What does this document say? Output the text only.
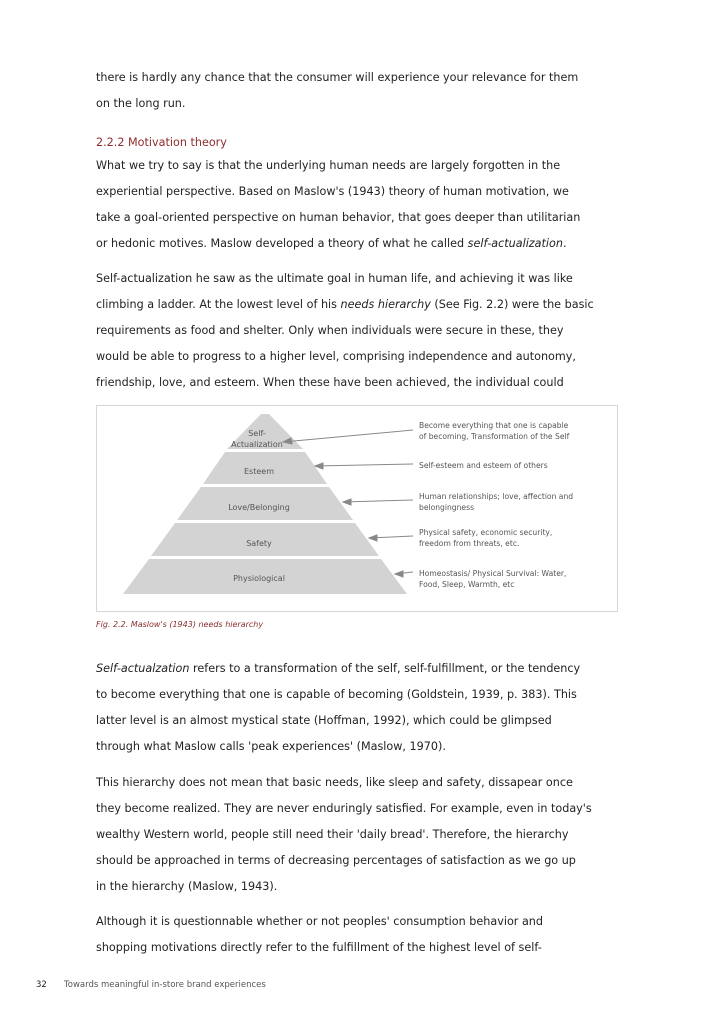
there is hardly any chance that the consumer will experience your relevance for them

on the long run.

2.2.2 Motivation theory

What we try to say is that the underlying human needs are largely forgotten in the

experiential perspective. Based on Maslow's (1943) theory of human motivation, we

take a goal-oriented perspective on human behavior, that goes deeper than utilitarian

or hedonic motives. Maslow developed a theory of what he called self-actualization.

Self-actualization he saw as the ultimate goal in human life, and achieving it was like

climbing a ladder. At the lowest level of his needs hierarchy (See Fig. 2.2) were the basic

requirements as food and shelter. Only when individuals were secure in these, they

would be able to progress to a higher level, comprising independence and autonomy,

friendship, love, and esteem. When these have been achieved, the individual could

Self-
Actualization
Esteem
Love/Belonging
Safety
Physiological
Become everything that one is capable
of becoming, Transformation of the Self
Self-esteem and esteem of others
Human relationships; love, affection and
belongingness
Physical safety, economic security,
freedom from threats, etc.
Homeostasis/ Physical Survival: Water,
Food, Sleep, Warmth, etc
Fig. 2.2. Maslow's (1943) needs hierarchy

Self-actualzation refers to a transformation of the self, self-fulfillment, or the tendency

to become everything that one is capable of becoming (Goldstein, 1939, p. 383). This

latter level is an almost mystical state (Hoffman, 1992), which could be glimpsed

through what Maslow calls 'peak experiences' (Maslow, 1970).

This hierarchy does not mean that basic needs, like sleep and safety, dissapear once

they become realized. They are never enduringly satisfied. For example, even in today's

wealthy Western world, people still need their 'daily bread'. Therefore, the hierarchy

should be approached in terms of decreasing percentages of satisfaction as we go up

in the hierarchy (Maslow, 1943).

Although it is questionnable whether or not peoples' consumption behavior and

shopping motivations directly refer to the fulfillment of the highest level of self-

32 Towards meaningful in-store brand experiences
